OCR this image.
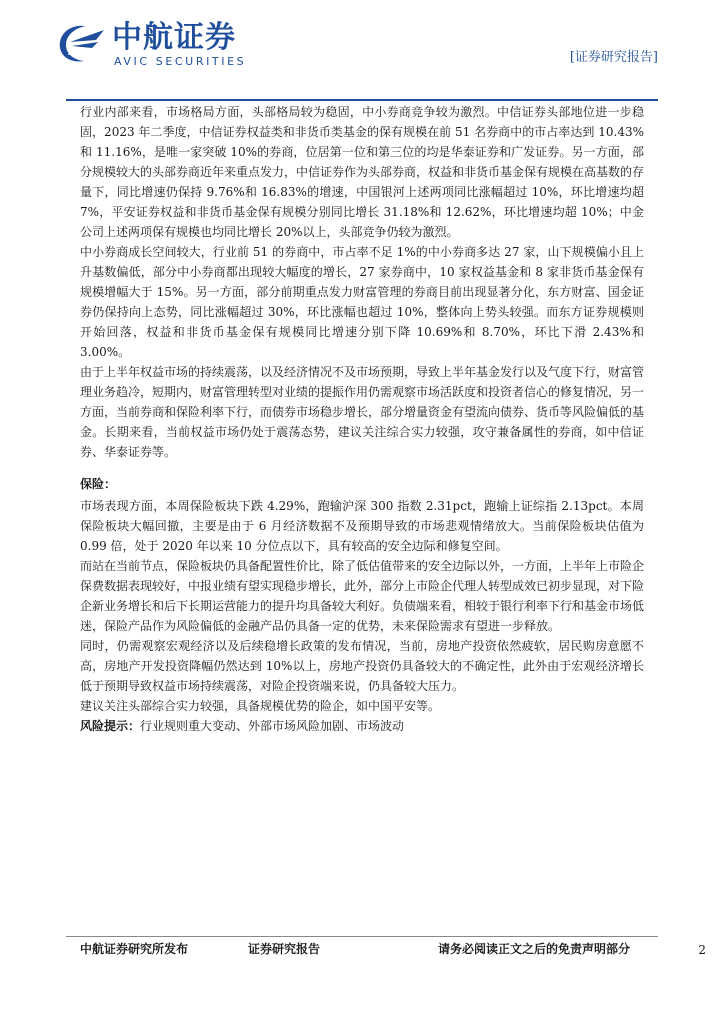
AVIC 中航证券
AVIC SECURITIES	[证券研究报告]

行业内部来看，市场格局方面，头部格局较为稳固，中小券商竞争较为激烈。中信证券头部地位进一步稳固，2023 年二季度，中信证券权益类和非货币类基金的保有规模在前 51 名券商中的市占率达到 10.43%和 11.16%，是唯一家突破 10%的券商，位居第一位和第三位的均是华泰证券和广发证券。另一方面，部分规模较大的头部券商近年来重点发力，中信证券作为头部券商，权益和非货币基金保有规模在高基数的存量下，同比增速仍保持 9.76%和 16.83%的增速，中国银河上述两项同比涨幅超过 10%，环比增速均超 7%，平安证券权益和非货币基金保有规模分别同比增长 31.18%和 12.62%，环比增速均超 10%；中金公司上述两项保有规模也均同比增长 20%以上，头部竞争仍较为激烈。

中小券商成长空间较大，行业前 51 的券商中，市占率不足 1%的中小券商多达 27 家，山下规模偏小且上升基数偏低，部分中小券商都出现较大幅度的增长，27 家券商中，10 家权益基金和 8 家非货币基金保有规模增幅大于 15%。另一方面，部分前期重点发力财富管理的券商目前出现显著分化，东方财富、国金证券仍保持向上态势，同比涨幅超过 30%，环比涨幅也超过 10%，整体向上势头较强。而东方证券规模则开始回落，权益和非货币基金保有规模同比增速分别下降 10.69%和 8.70%，环比下滑 2.43%和 3.00%。

由于上半年权益市场的持续震荡，以及经济情况不及市场预期，导致上半年基金发行以及气度下行，财富管理业务趋冷，短期内，财富管理转型对业绩的提振作用仍需观察市场活跃度和投资者信心的修复情况，另一方面，当前券商和保险利率下行，而债券市场稳步增长，部分增量资金有望流向债券、货币等风险偏低的基金。长期来看，当前权益市场仍处于震荡态势，建议关注综合实力较强，攻守兼备属性的券商，如中信证券、华泰证券等。

保险：

市场表现方面，本周保险板块下跌 4.29%，跑输沪深 300 指数 2.31pct，跑输上证综指 2.13pct。本周保险板块大幅回撤，主要是由于 6 月经济数据不及预期导致的市场悲观情绪放大。当前保险板块估值为 0.99 倍，处于 2020 年以来 10 分位点以下，具有较高的安全边际和修复空间。

而站在当前节点，保险板块仍具备配置性价比，除了低估值带来的安全边际以外，一方面，上半年上市险企保费数据表现较好，中报业绩有望实现稳步增长，此外，部分上市险企代理人转型成效已初步显现，对下险企新业务增长和后下长期运营能力的提升均具备较大利好。负债端来看，相较于银行利率下行和基金市场低迷，保险产品作为风险偏低的金融产品仍具备一定的优势，未来保险需求有望进一步释放。

同时，仍需观察宏观经济以及后续稳增长政策的发布情况，当前，房地产投资依然疲软，居民购房意愿不高，房地产开发投资降幅仍然达到 10%以上，房地产投资仍具备较大的不确定性，此外由于宏观经济增长低于预期导致权益市场持续震荡，对险企投资端来说，仍具备较大压力。

建议关注头部综合实力较强，具备规模优势的险企，如中国平安等。

风险提示：行业规则重大变动、外部市场风险加剧、市场波动

中航证券研究所发布	证券研究报告	请务必阅读正文之后的免责声明部分	2
